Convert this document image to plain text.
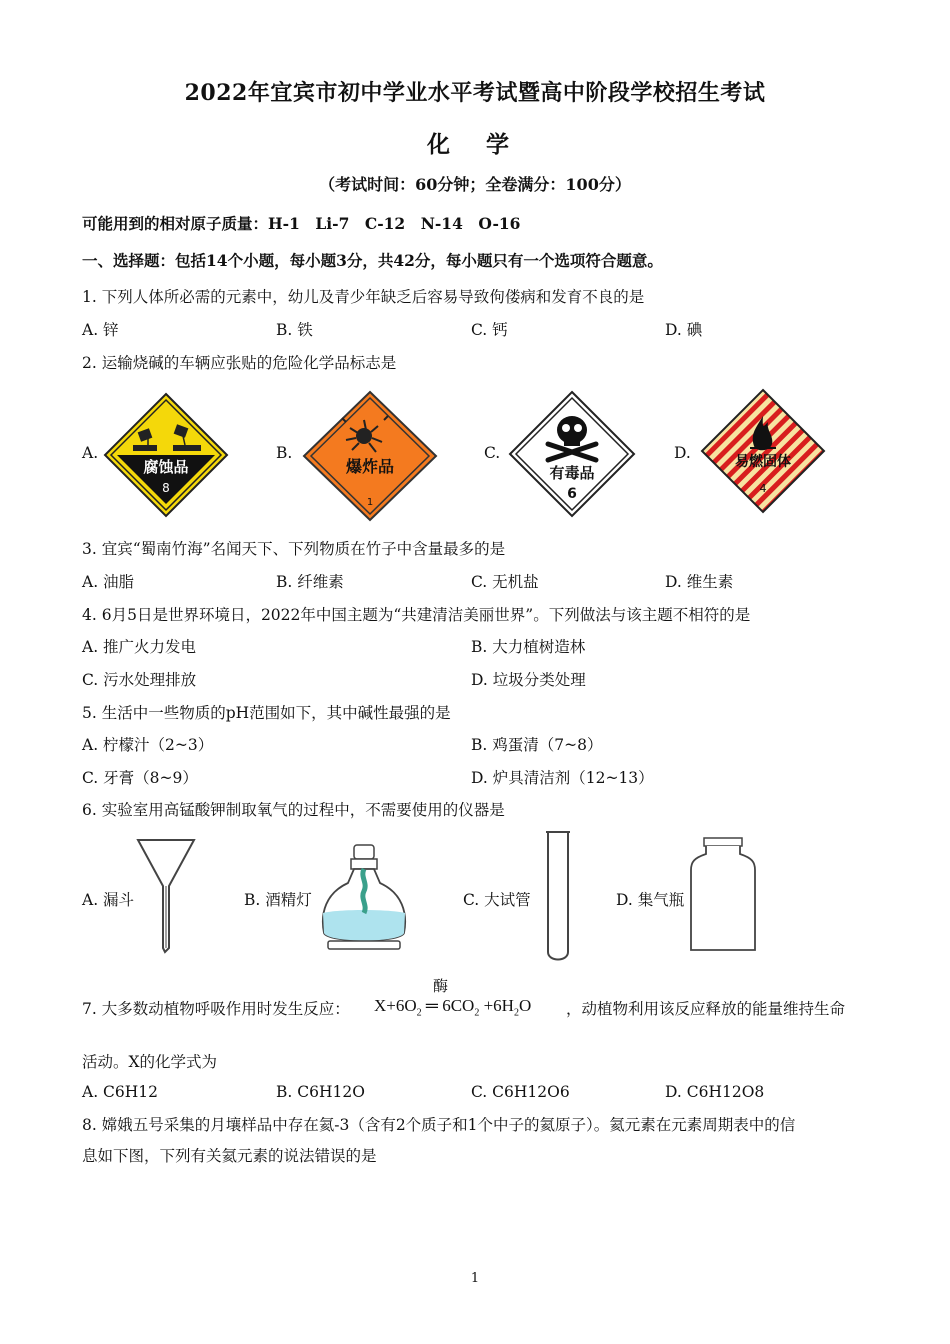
2022年宜宾市初中学业水平考试暨高中阶段学校招生考试
化 学
（考试时间：60分钟；全卷满分：100分）
可能用到的相对原子质量：H-1　Li-7　C-12　N-14　O-16
一、选择题：包括14个小题，每小题3分，共42分，每小题只有一个选项符合题意。
1. 下列人体所必需的元素中，幼儿及青少年缺乏后容易导致佝偻病和发育不良的是
A. 锌	B. 铁	C. 钙	D. 碘
2. 运输烧碱的车辆应张贴的危险化学品标志是
A.	B.	C.	D.
腐蚀品
8
爆炸品
1
有毒品
6
易燃固体
4
3. 宜宾“蜀南竹海”名闻天下、下列物质在竹子中含量最多的是
A. 油脂	B. 纤维素	C. 无机盐	D. 维生素
4. 6月5日是世界环境日，2022年中国主题为“共建清洁美丽世界”。下列做法与该主题不相符的是
A. 推广火力发电	B. 大力植树造林
C. 污水处理排放	D. 垃圾分类处理
5. 生活中一些物质的pH范围如下，其中碱性最强的是
A. 柠檬汁（2~3）	B. 鸡蛋清（7~8）
C. 牙膏（8~9）	D. 炉具清洁剂（12~13）
6. 实验室用高锰酸钾制取氧气的过程中，不需要使用的仪器是
A. 漏斗	B. 酒精灯	C. 大试管	D. 集气瓶
7. 大多数动植物呼吸作用时发生反应：
酶
$X+6O_2$ ═ $6CO_2 +6H_2O$ ，动植物利用该反应释放的能量维持生命
活动。X的化学式为
A. C6H12	B. C6H12O	C. C6H12O6	D. C6H12O8
8. 嫦娥五号采集的月壤样品中存在氦-3（含有2个质子和1个中子的氦原子）。氦元素在元素周期表中的信
息如下图，下列有关氦元素的说法错误的是
1
